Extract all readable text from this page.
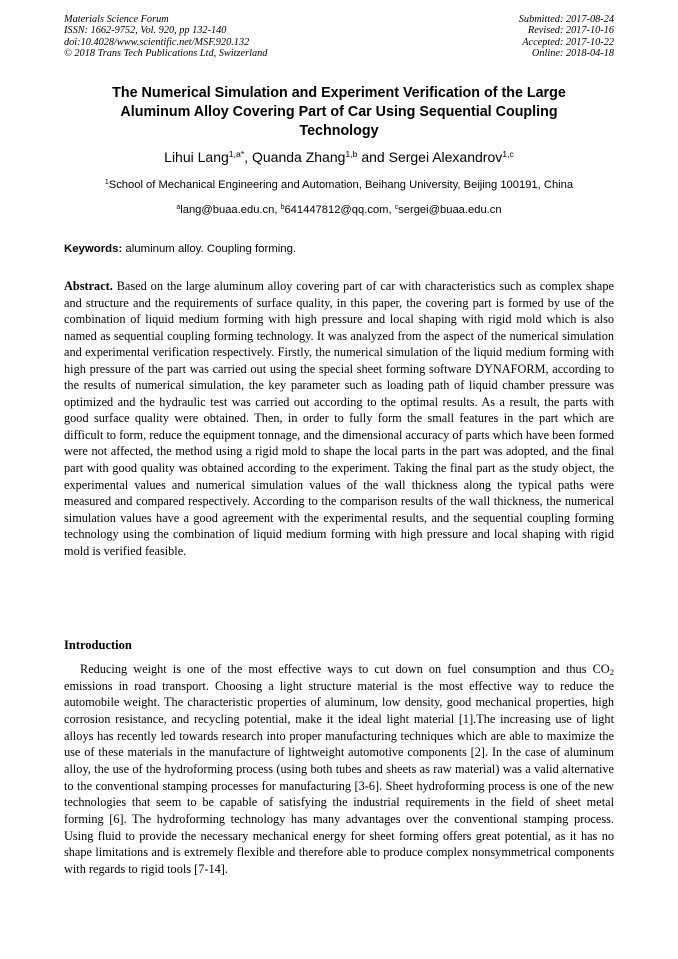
Materials Science Forum
ISSN: 1662-9752, Vol. 920, pp 132-140
doi:10.4028/www.scientific.net/MSF.920.132
© 2018 Trans Tech Publications Ltd, Switzerland
Submitted: 2017-08-24
Revised: 2017-10-16
Accepted: 2017-10-22
Online: 2018-04-18
The Numerical Simulation and Experiment Verification of the Large Aluminum Alloy Covering Part of Car Using Sequential Coupling Technology
Lihui Lang$^{1,a*}$, Quanda Zhang$^{1,b}$ and Sergei Alexandrov$^{1,c}$
$^1$School of Mechanical Engineering and Automation, Beihang University, Beijing 100191, China
$^a$lang@buaa.edu.cn, $^b$641447812@qq.com, $^c$sergei@buaa.edu.cn
Keywords: aluminum alloy. Coupling forming.

Abstract. Based on the large aluminum alloy covering part of car with characteristics such as complex shape and structure and the requirements of surface quality, in this paper, the covering part is formed by use of the combination of liquid medium forming with high pressure and local shaping with rigid mold which is also named as sequential coupling forming technology. It was analyzed from the aspect of the numerical simulation and experimental verification respectively. Firstly, the numerical simulation of the liquid medium forming with high pressure of the part was carried out using the special sheet forming software DYNAFORM, according to the results of numerical simulation, the key parameter such as loading path of liquid chamber pressure was optimized and the hydraulic test was carried out according to the optimal results. As a result, the parts with good surface quality were obtained. Then, in order to fully form the small features in the part which are difficult to form, reduce the equipment tonnage, and the dimensional accuracy of parts which have been formed were not affected, the method using a rigid mold to shape the local parts in the part was adopted, and the final part with good quality was obtained according to the experiment. Taking the final part as the study object, the experimental values and numerical simulation values of the wall thickness along the typical paths were measured and compared respectively. According to the comparison results of the wall thickness, the numerical simulation values have a good agreement with the experimental results, and the sequential coupling forming technology using the combination of liquid medium forming with high pressure and local shaping with rigid mold is verified feasible.

Introduction

Reducing weight is one of the most effective ways to cut down on fuel consumption and thus $CO_2$ emissions in road transport. Choosing a light structure material is the most effective way to reduce the automobile weight. The characteristic properties of aluminum, low density, good mechanical properties, high corrosion resistance, and recycling potential, make it the ideal light material [1].The increasing use of light alloys has recently led towards research into proper manufacturing techniques which are able to maximize the use of these materials in the manufacture of lightweight automotive components [2]. In the case of aluminum alloy, the use of the hydroforming process (using both tubes and sheets as raw material) was a valid alternative to the conventional stamping processes for manufacturing [3-6]. Sheet hydroforming process is one of the new technologies that seem to be capable of satisfying the industrial requirements in the field of sheet metal forming [6]. The hydroforming technology has many advantages over the conventional stamping process. Using fluid to provide the necessary mechanical energy for sheet forming offers great potential, as it has no shape limitations and is extremely flexible and therefore able to produce complex nonsymmetrical components with regards to rigid tools [7-14].
